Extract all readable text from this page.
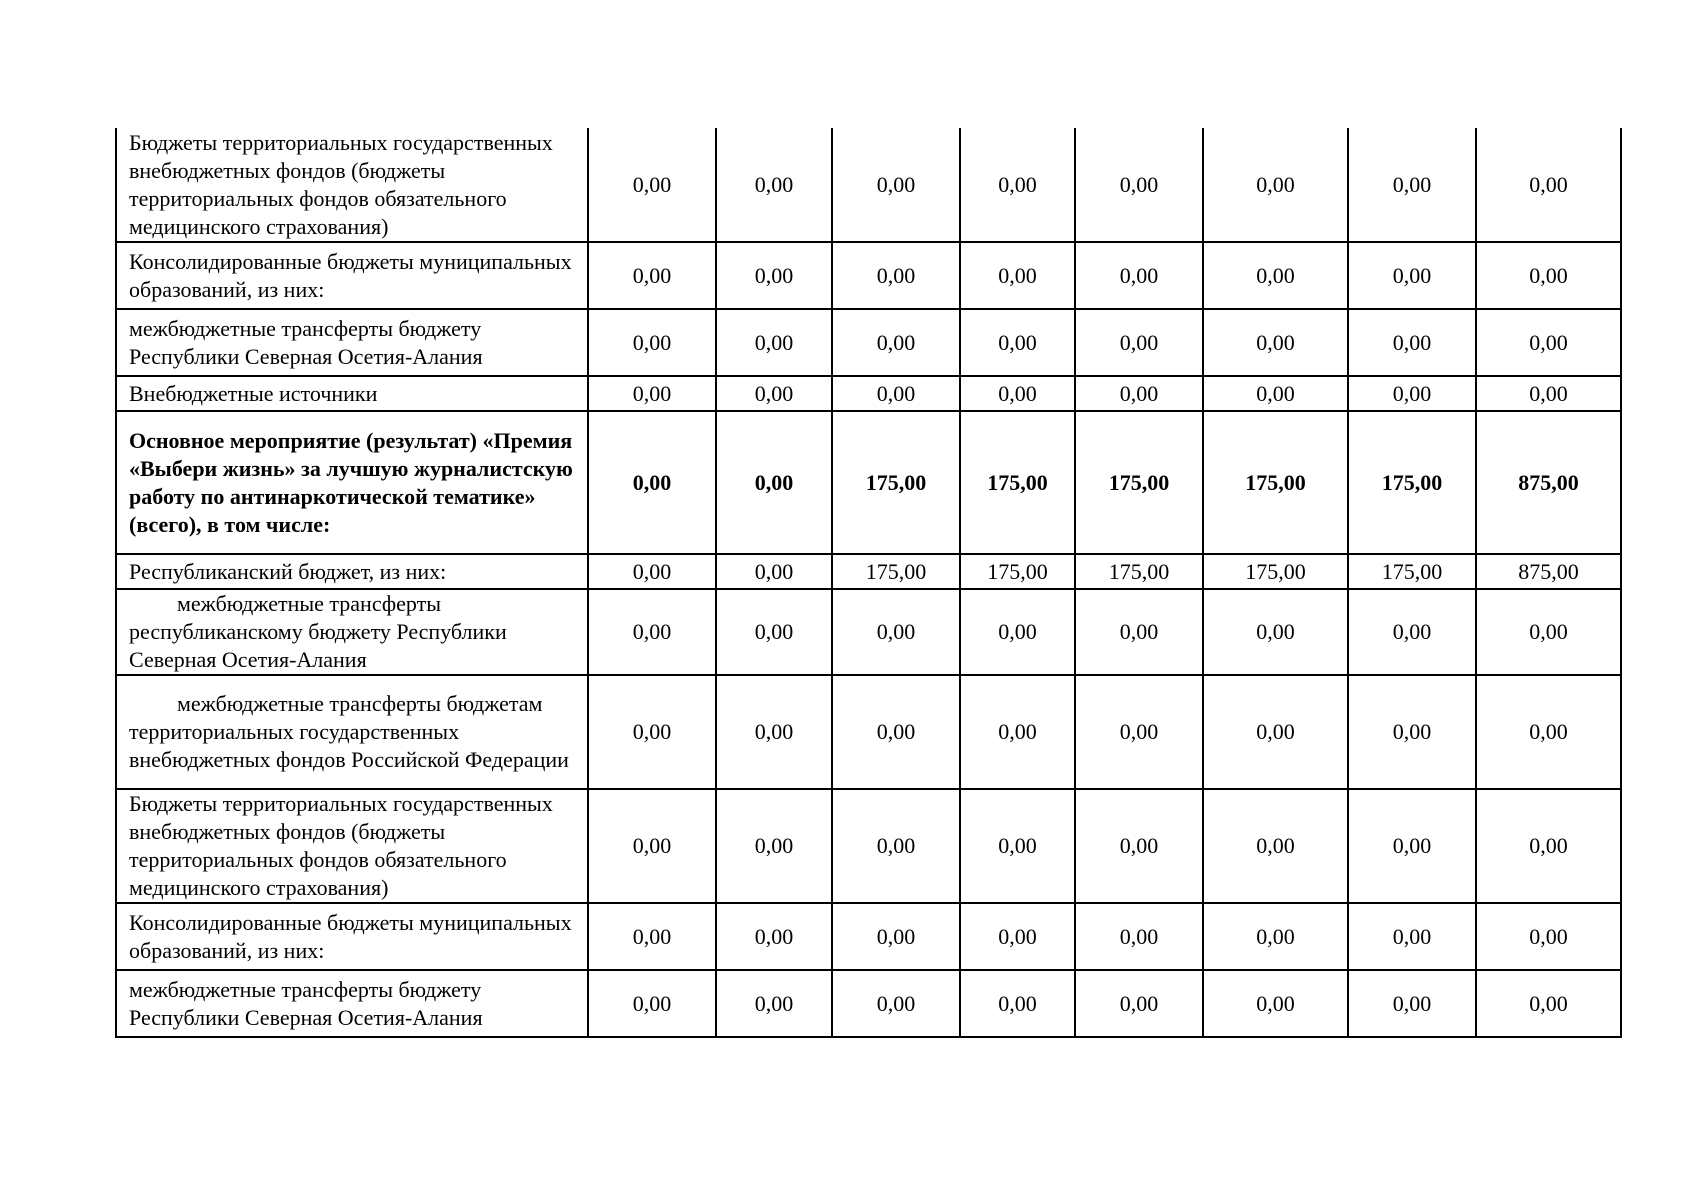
Бюджеты территориальных государственных внебюджетных фондов (бюджеты территориальных фондов обязательного медицинского страхования)	0,00	0,00	0,00	0,00	0,00	0,00	0,00	0,00
Консолидированные бюджеты муниципальных образований, из них:	0,00	0,00	0,00	0,00	0,00	0,00	0,00	0,00
межбюджетные трансферты бюджету Республики Северная Осетия-Алания	0,00	0,00	0,00	0,00	0,00	0,00	0,00	0,00
Внебюджетные источники	0,00	0,00	0,00	0,00	0,00	0,00	0,00	0,00
Основное мероприятие (результат) «Премия «Выбери жизнь» за лучшую журналистскую работу по антинаркотической тематике» (всего), в том числе:	0,00	0,00	175,00	175,00	175,00	175,00	175,00	875,00
Республиканский бюджет, из них:	0,00	0,00	175,00	175,00	175,00	175,00	175,00	875,00
межбюджетные трансферты республиканскому бюджету Республики Северная Осетия-Алания	0,00	0,00	0,00	0,00	0,00	0,00	0,00	0,00
межбюджетные трансферты бюджетам территориальных государственных внебюджетных фондов Российской Федерации	0,00	0,00	0,00	0,00	0,00	0,00	0,00	0,00
Бюджеты территориальных государственных внебюджетных фондов (бюджеты территориальных фондов обязательного медицинского страхования)	0,00	0,00	0,00	0,00	0,00	0,00	0,00	0,00
Консолидированные бюджеты муниципальных образований, из них:	0,00	0,00	0,00	0,00	0,00	0,00	0,00	0,00
межбюджетные трансферты бюджету Республики Северная Осетия-Алания	0,00	0,00	0,00	0,00	0,00	0,00	0,00	0,00
